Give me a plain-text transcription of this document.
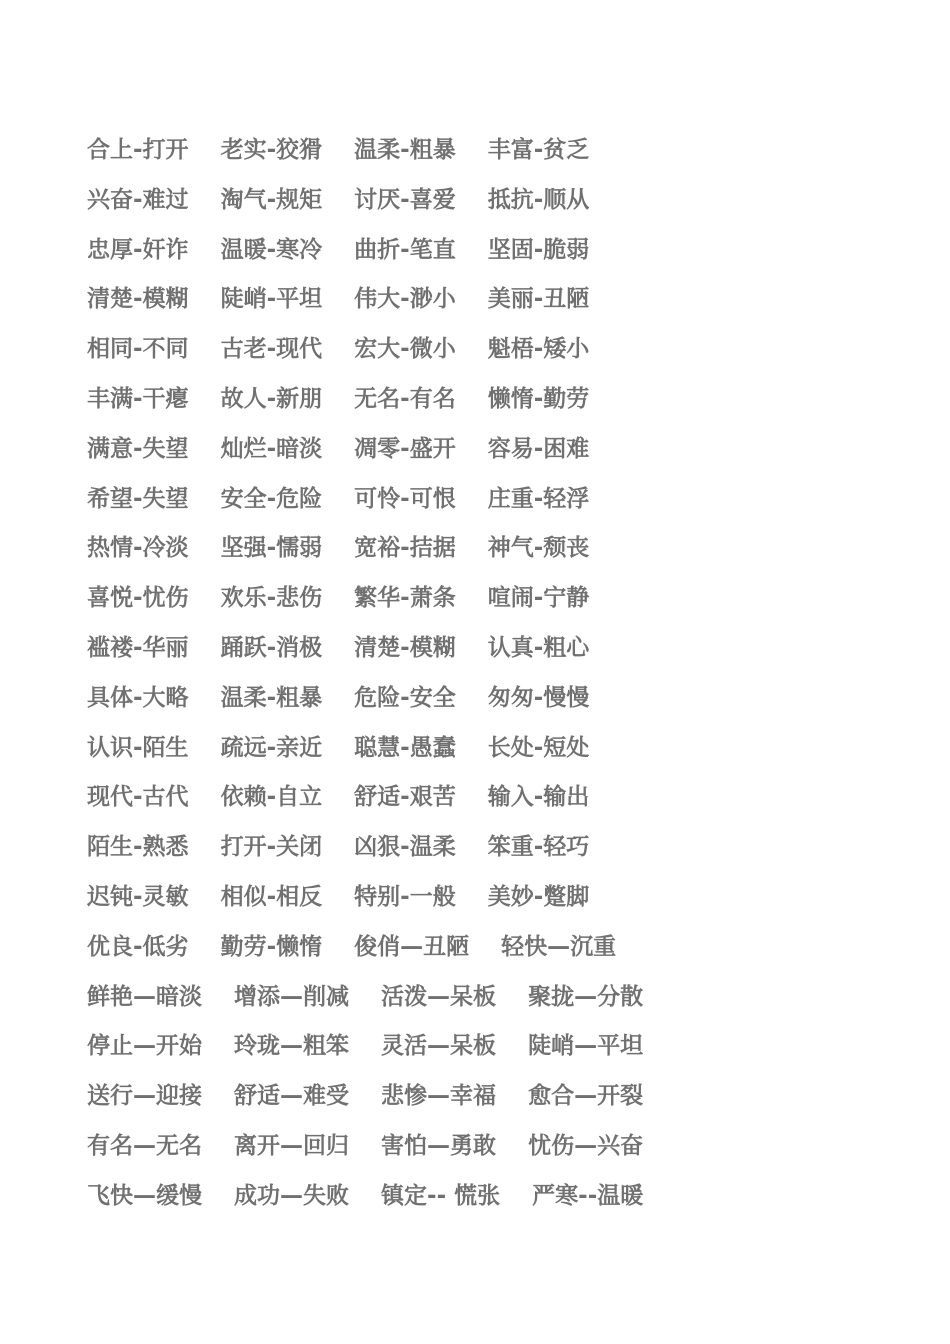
合上-打开    老实-狡猾    温柔-粗暴    丰富-贫乏
兴奋-难过    淘气-规矩    讨厌-喜爱    抵抗-顺从
忠厚-奸诈    温暖-寒冷    曲折-笔直    坚固-脆弱
清楚-模糊    陡峭-平坦    伟大-渺小    美丽-丑陋
相同-不同    古老-现代    宏大-微小    魁梧-矮小
丰满-干瘪    故人-新朋    无名-有名    懒惰-勤劳
满意-失望    灿烂-暗淡    凋零-盛开    容易-困难
希望-失望    安全-危险    可怜-可恨    庄重-轻浮
热情-冷淡    坚强-懦弱    宽裕-拮据    神气-颓丧
喜悦-忧伤    欢乐-悲伤    繁华-萧条    喧闹-宁静
褴褛-华丽    踊跃-消极    清楚-模糊    认真-粗心
具体-大略    温柔-粗暴    危险-安全    匆匆-慢慢
认识-陌生    疏远-亲近    聪慧-愚蠢    长处-短处
现代-古代    依赖-自立    舒适-艰苦    输入-输出
陌生-熟悉    打开-关闭    凶狠-温柔    笨重-轻巧
迟钝-灵敏    相似-相反    特别-一般    美妙-蹩脚
优良-低劣    勤劳-懒惰    俊俏—丑陋    轻快—沉重
鲜艳—暗淡    增添—削减    活泼—呆板    聚拢—分散
停止—开始    玲珑—粗笨    灵活—呆板    陡峭—平坦
送行—迎接    舒适—难受    悲惨—幸福    愈合—开裂
有名—无名    离开—回归    害怕—勇敢    忧伤—兴奋
飞快—缓慢    成功—失败    镇定-- 慌张    严寒--温暖
